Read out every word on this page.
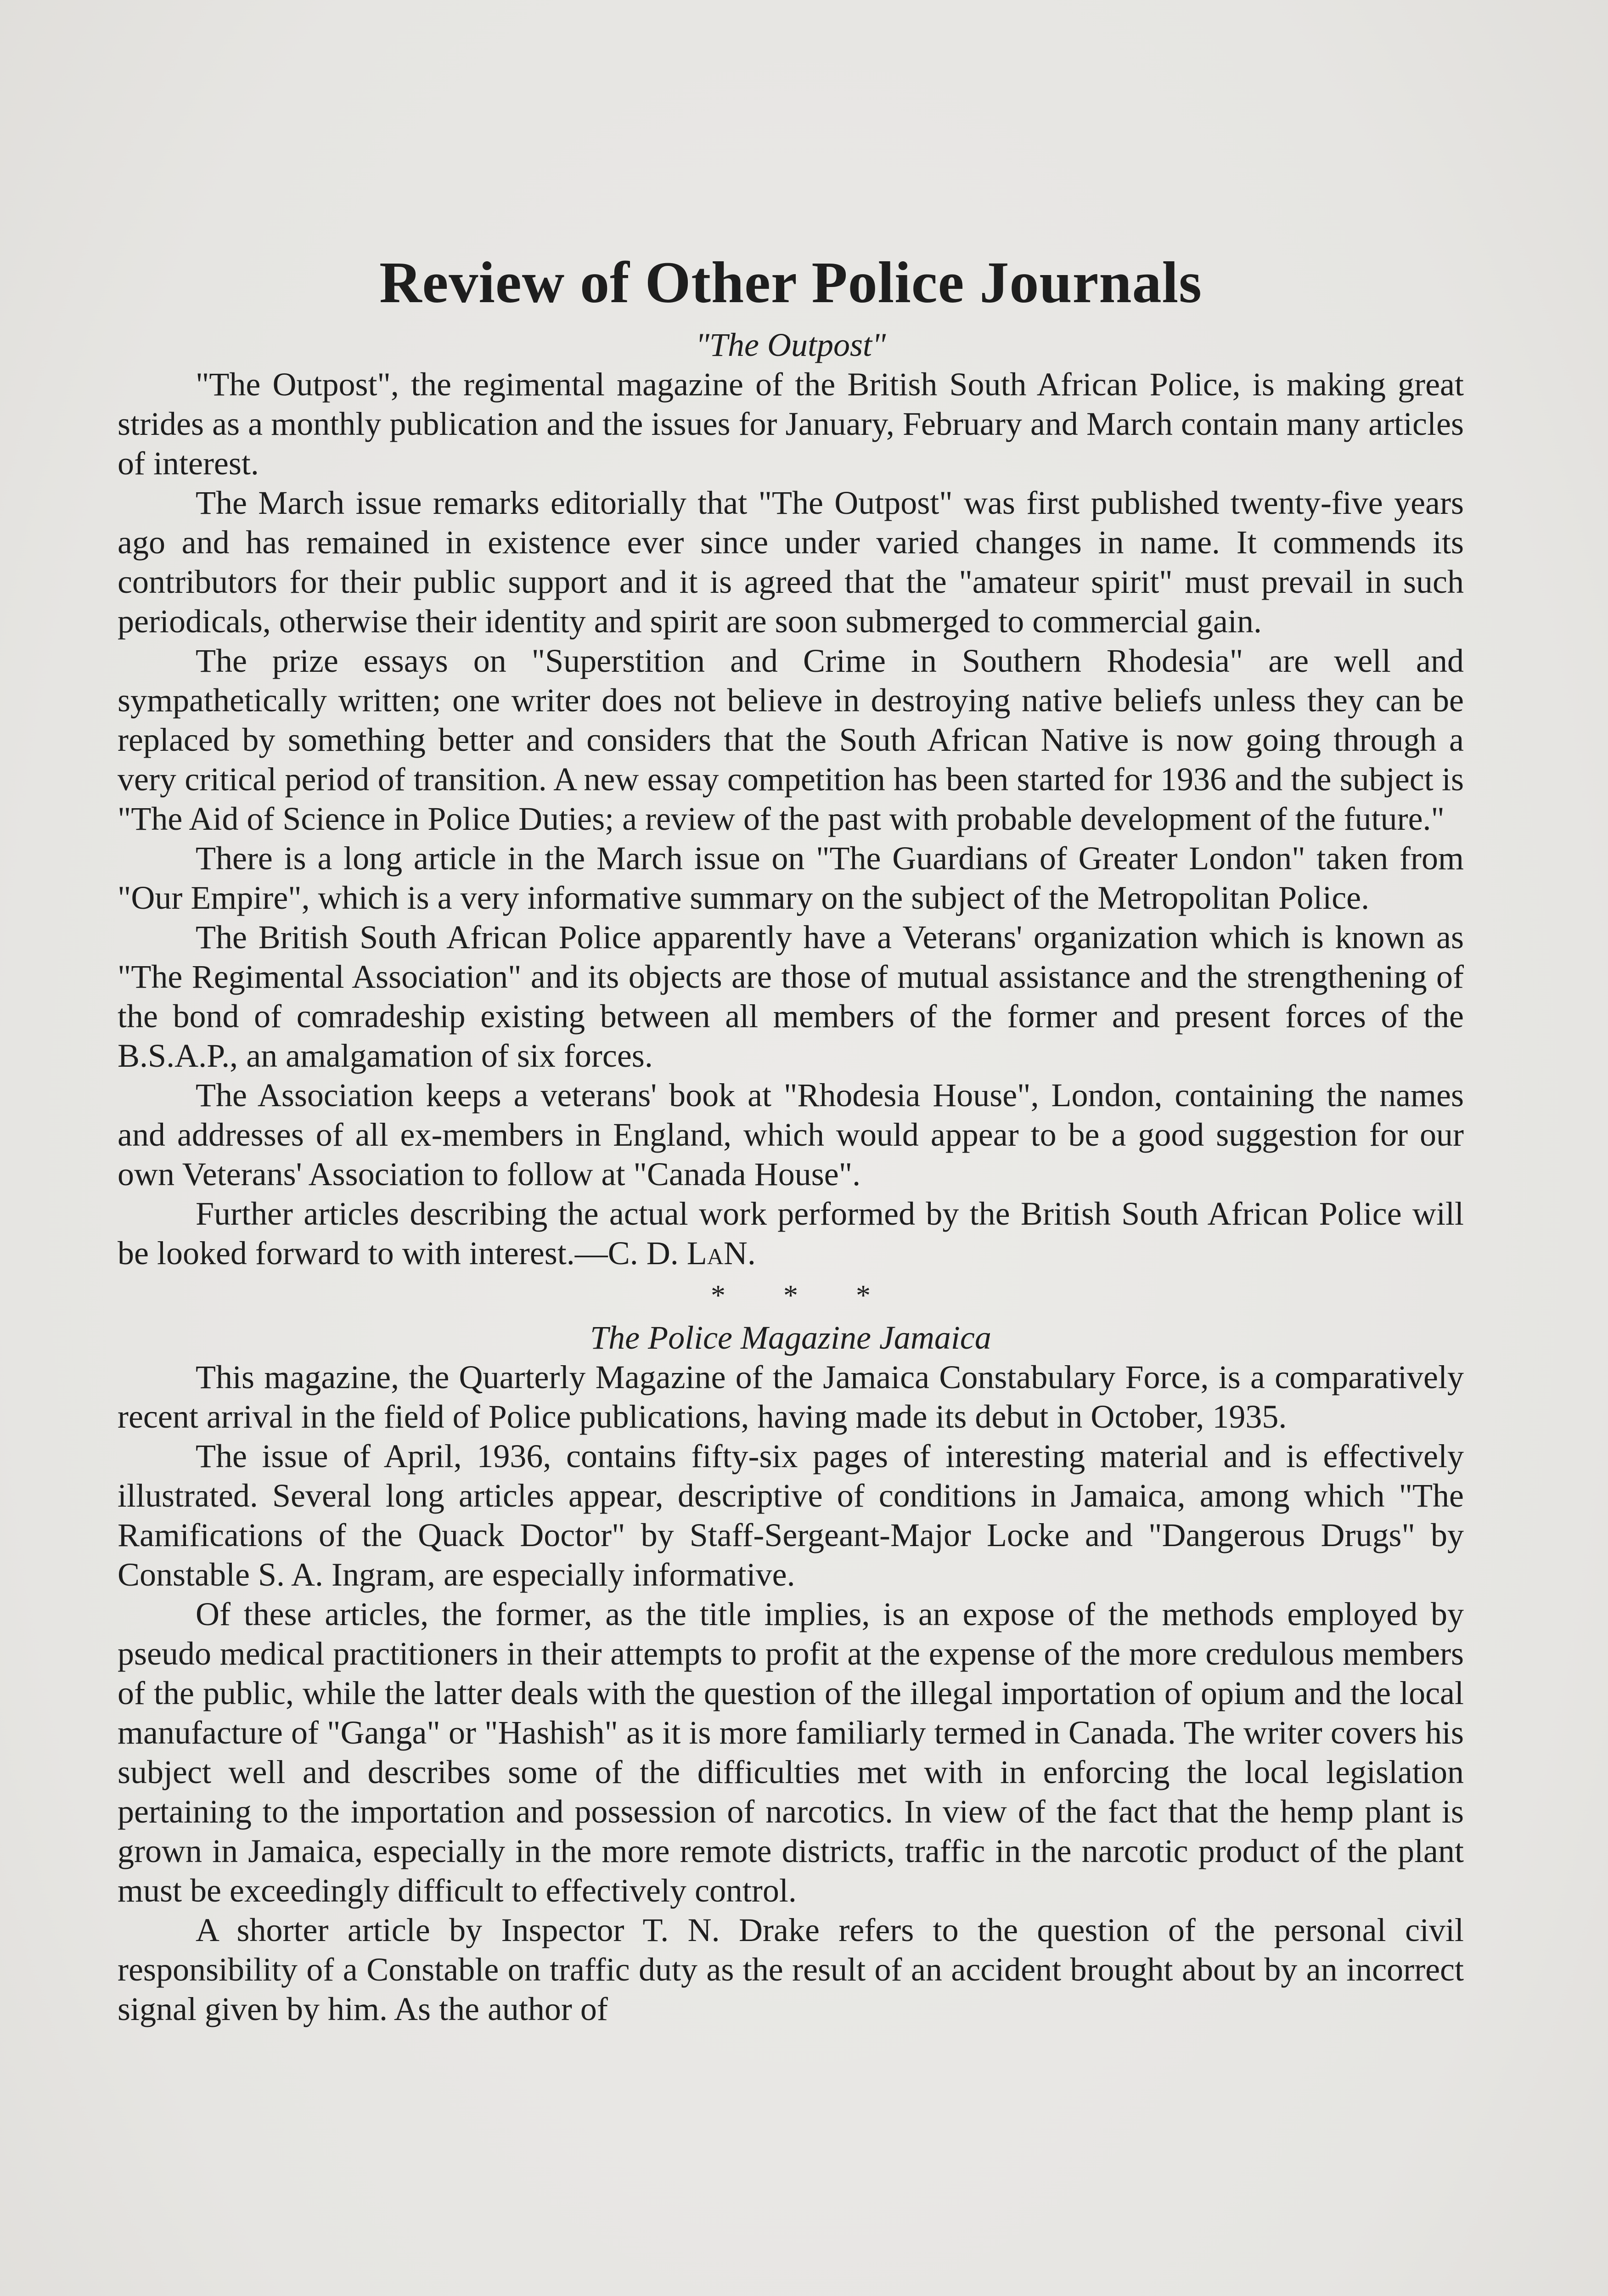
Review of Other Police Journals

"The Outpost"

"The Outpost", the regimental magazine of the British South African Police, is making great strides as a monthly publication and the issues for January, February and March contain many articles of interest.

The March issue remarks editorially that "The Outpost" was first published twenty-five years ago and has remained in existence ever since under varied changes in name. It commends its contributors for their public support and it is agreed that the "amateur spirit" must prevail in such periodicals, otherwise their identity and spirit are soon submerged to commercial gain.

The prize essays on "Superstition and Crime in Southern Rhodesia" are well and sympathetically written; one writer does not believe in destroying native beliefs unless they can be replaced by something better and considers that the South African Native is now going through a very critical period of transition. A new essay competition has been started for 1936 and the subject is "The Aid of Science in Police Duties; a review of the past with probable development of the future."

There is a long article in the March issue on "The Guardians of Greater London" taken from "Our Empire", which is a very informative summary on the subject of the Metropolitan Police.

The British South African Police apparently have a Veterans' organization which is known as "The Regimental Association" and its objects are those of mutual assistance and the strengthening of the bond of comradeship existing between all members of the former and present forces of the B.S.A.P., an amalgamation of six forces.

The Association keeps a veterans' book at "Rhodesia House", London, containing the names and addresses of all ex-members in England, which would appear to be a good suggestion for our own Veterans' Association to follow at "Canada House".

Further articles describing the actual work performed by the British South African Police will be looked forward to with interest.—C. D. LaN.

* * *

The Police Magazine Jamaica

This magazine, the Quarterly Magazine of the Jamaica Constabulary Force, is a comparatively recent arrival in the field of Police publications, having made its debut in October, 1935.

The issue of April, 1936, contains fifty-six pages of interesting material and is effectively illustrated. Several long articles appear, descriptive of conditions in Jamaica, among which "The Ramifications of the Quack Doctor" by Staff-Sergeant-Major Locke and "Dangerous Drugs" by Constable S. A. Ingram, are especially informative.

Of these articles, the former, as the title implies, is an expose of the methods employed by pseudo medical practitioners in their attempts to profit at the expense of the more credulous members of the public, while the latter deals with the question of the illegal importation of opium and the local manufacture of "Ganga" or "Hashish" as it is more familiarly termed in Canada. The writer covers his subject well and describes some of the difficulties met with in enforcing the local legislation pertaining to the importation and possession of narcotics. In view of the fact that the hemp plant is grown in Jamaica, especially in the more remote districts, traffic in the narcotic product of the plant must be exceedingly difficult to effectively control.

A shorter article by Inspector T. N. Drake refers to the question of the personal civil responsibility of a Constable on traffic duty as the result of an accident brought about by an incorrect signal given by him. As the author of
